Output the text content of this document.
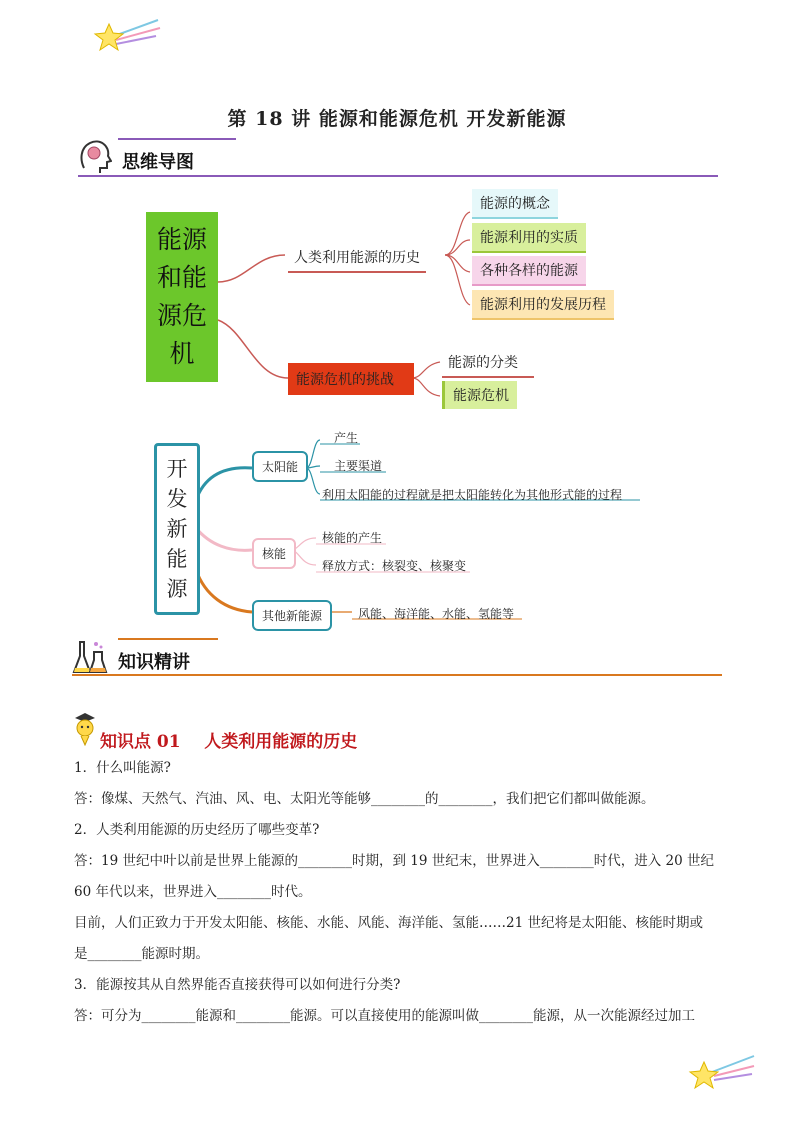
第 18 讲 能源和能源危机 开发新能源
思维导图
能源和能源危机
人类利用能源的历史
能源危机的挑战
能源的概念
能源利用的实质
各种各样的能源
能源利用的发展历程
能源的分类
能源危机
开发新能源
太阳能
核能
其他新能源
产生
主要渠道
利用太阳能的过程就是把太阳能转化为其他形式能的过程
核能的产生
释放方式：核裂变、核聚变
风能、海洋能、水能、氢能等
知识精讲
知识点 01    人类利用能源的历史
1．什么叫能源?
答：像煤、天然气、汽油、风、电、太阳光等能够________的________，我们把它们都叫做能源。
2．人类利用能源的历史经历了哪些变革?
答：19 世纪中叶以前是世界上能源的________时期，到 19 世纪末，世界进入________时代，进入 20 世纪
60 年代以来，世界进入________时代。
目前，人们正致力于开发太阳能、核能、水能、风能、海洋能、氢能……21 世纪将是太阳能、核能时期或
是________能源时期。
3．能源按其从自然界能否直接获得可以如何进行分类?
答：可分为________能源和________能源。可以直接使用的能源叫做________能源，从一次能源经过加工
